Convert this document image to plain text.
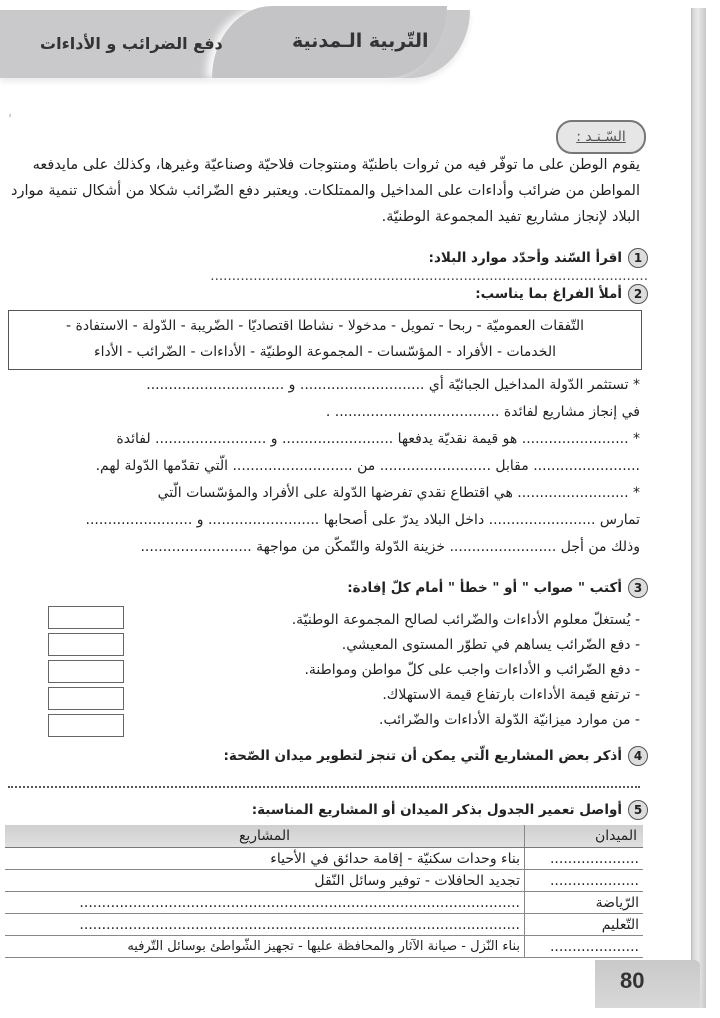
دفع الضرائب و الأداءات	التّربية الـمدنية
ʻ
السّـنـد :
يقوم الوطن على ما توفّر فيه من ثروات باطنيّة ومنتوجات فلاحيّة وصناعيّة وغيرها، وكذلك على مايدفعه المواطن من ضرائب وأداءات على المداخيل والممتلكات. ويعتبر دفع الضّرائب شكلا من أشكال تنمية موارد البلاد لإنجاز مشاريع تفيد المجموعة الوطنيّة.
1اقرأ السّند وأحدّد موارد البلاد: ......................................................................................................
2أملأ الفراغ بما يناسب:
التّفقات العموميّة - ربحا - تمويل - مدخولا - نشاطا اقتصاديّا - الضّريبة - الدّولة - الاستفادة -
الخدمات - الأفراد - المؤسّسات - المجموعة الوطنيّة - الأداءات - الضّرائب - الأداء

* تستثمر الدّولة المداخيل الجبائيّة أي ............................ و ...............................

في إنجاز مشاريع لفائدة ..................................... .

* ........................ هو قيمة نقديّة يدفعها ......................... و ......................... لفائدة

........................ مقابل ......................... من ........................... الّتي تقدّمها الدّولة لهم.

* ......................... هي اقتطاع نقدي تفرضها الدّولة على الأفراد والمؤسّسات الّتي

تمارس ........................ داخل البلاد يدرّ على أصحابها ......................... و ........................

وذلك من أجل ........................ خزينة الدّولة والتّمكّن من مواجهة .........................

3أكتب " صواب " أو " خطأ " أمام كلّ إفادة:
- يُستغلّ معلوم الأداءات والضّرائب لصالح المجموعة الوطنيّة.
- دفع الضّرائب يساهم في تطوّر المستوى المعيشي.
- دفع الضّرائب و الأداءات واجب على كلّ مواطن ومواطنة.
- ترتفع قيمة الأداءات بارتفاع قيمة الاستهلاك.
- من موارد ميزانيّة الدّولة الأداءات والضّرائب.
4أذكر بعض المشاريع الّتي يمكن أن تنجز لتطوير ميدان الصّحة:
5أواصل تعمير الجدول بذكر الميدان أو المشاريع المناسبة:
الميدان	المشاريع
....................	بناء وحدات سكنيّة - إقامة حدائق في الأحياء
....................	تجديد الحافلات - توفير وسائل النّقل
الرّياضة	...................................................................................................
التّعليم	...................................................................................................
....................	بناء النّزل - صيانة الآثار والمحافظة عليها - تجهيز الشّواطئ بوسائل التّرفيه
80
